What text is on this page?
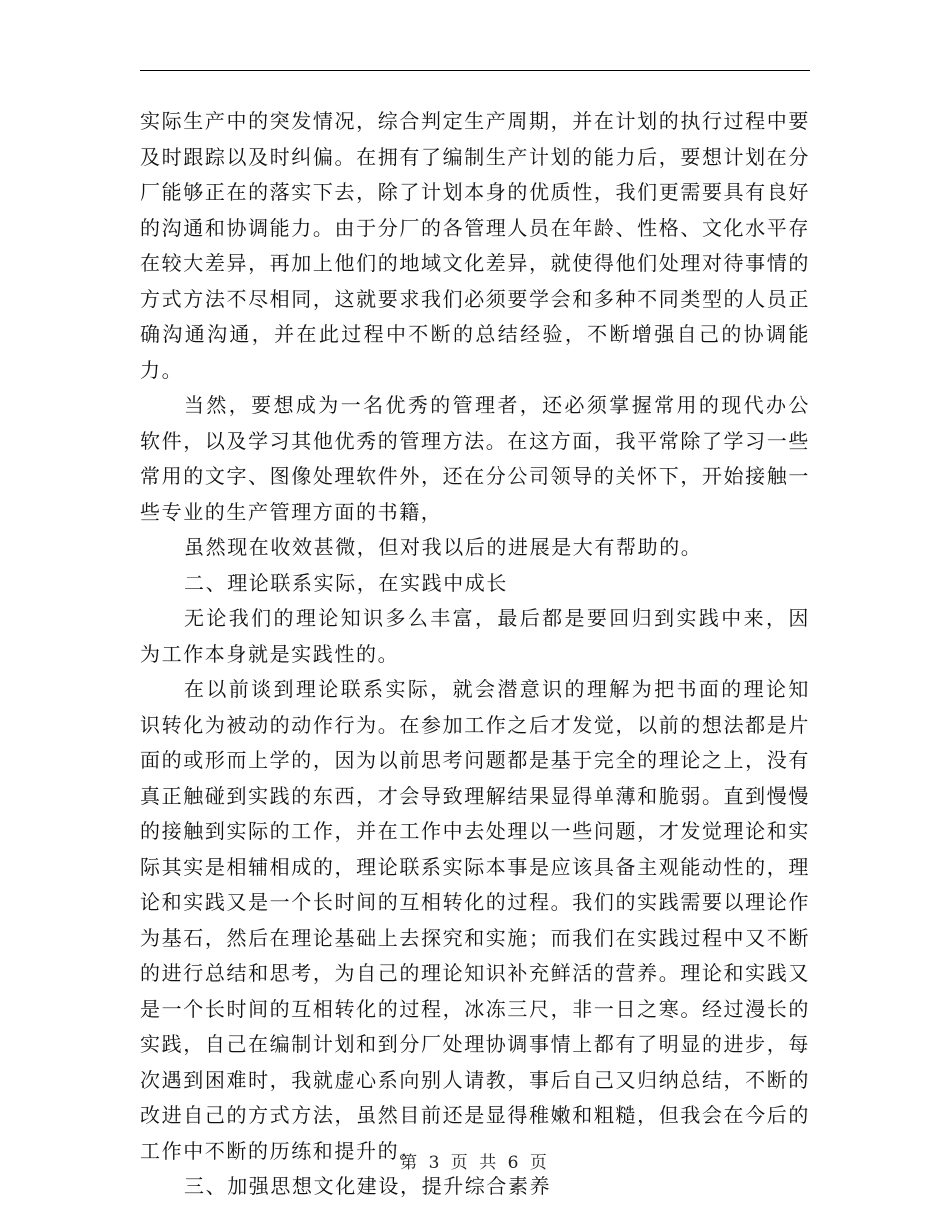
实际生产中的突发情况，综合判定生产周期，并在计划的执行过程中要及时跟踪以及时纠偏。在拥有了编制生产计划的能力后，要想计划在分厂能够正在的落实下去，除了计划本身的优质性，我们更需要具有良好的沟通和协调能力。由于分厂的各管理人员在年龄、性格、文化水平存在较大差异，再加上他们的地域文化差异，就使得他们处理对待事情的方式方法不尽相同，这就要求我们必须要学会和多种不同类型的人员正确沟通沟通，并在此过程中不断的总结经验，不断增强自己的协调能力。

当然，要想成为一名优秀的管理者，还必须掌握常用的现代办公软件，以及学习其他优秀的管理方法。在这方面，我平常除了学习一些常用的文字、图像处理软件外，还在分公司领导的关怀下，开始接触一些专业的生产管理方面的书籍，

虽然现在收效甚微，但对我以后的进展是大有帮助的。

二、理论联系实际，在实践中成长

无论我们的理论知识多么丰富，最后都是要回归到实践中来，因为工作本身就是实践性的。

在以前谈到理论联系实际，就会潜意识的理解为把书面的理论知识转化为被动的动作行为。在参加工作之后才发觉，以前的想法都是片面的或形而上学的，因为以前思考问题都是基于完全的理论之上，没有真正触碰到实践的东西，才会导致理解结果显得单薄和脆弱。直到慢慢的接触到实际的工作，并在工作中去处理以一些问题，才发觉理论和实际其实是相辅相成的，理论联系实际本事是应该具备主观能动性的，理论和实践又是一个长时间的互相转化的过程。我们的实践需要以理论作为基石，然后在理论基础上去探究和实施；而我们在实践过程中又不断的进行总结和思考，为自己的理论知识补充鲜活的营养。理论和实践又是一个长时间的互相转化的过程，冰冻三尺，非一日之寒。经过漫长的实践，自己在编制计划和到分厂处理协调事情上都有了明显的进步，每次遇到困难时，我就虚心系向别人请教，事后自己又归纳总结，不断的改进自己的方式方法，虽然目前还是显得稚嫩和粗糙，但我会在今后的工作中不断的历练和提升的。

三、加强思想文化建设，提升综合素养

第 3 页 共 6 页
